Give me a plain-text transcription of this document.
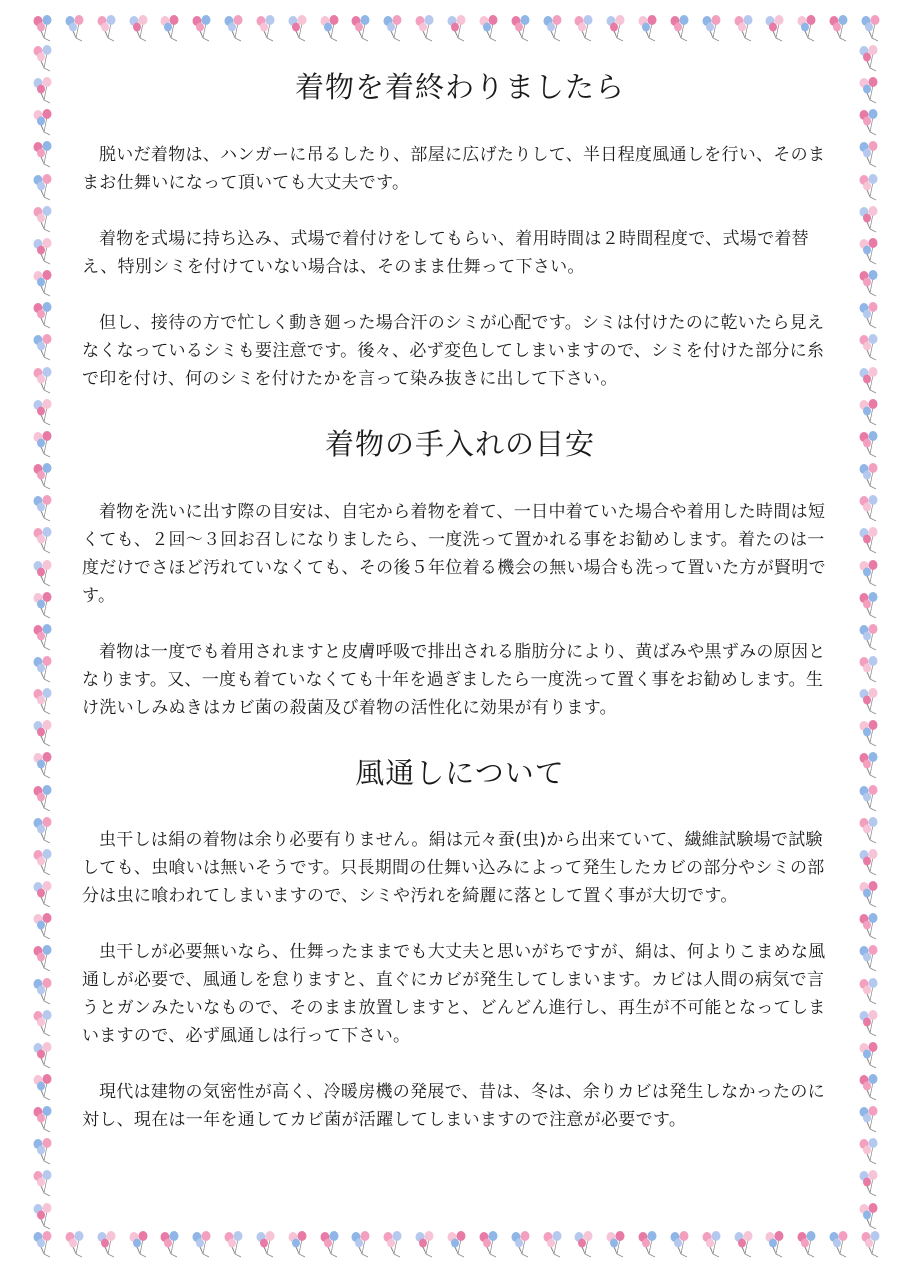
着物を着終わりましたら

脱いだ着物は、ハンガーに吊るしたり、部屋に広げたりして、半日程度風通しを行い、そのままお仕舞いになって頂いても大丈夫です。

着物を式場に持ち込み、式場で着付けをしてもらい、着用時間は２時間程度で、式場で着替え、特別シミを付けていない場合は、そのまま仕舞って下さい。

但し、接待の方で忙しく動き廻った場合汗のシミが心配です。シミは付けたのに乾いたら見えなくなっているシミも要注意です。後々、必ず変色してしまいますので、シミを付けた部分に糸で印を付け、何のシミを付けたかを言って染み抜きに出して下さい。

着物の手入れの目安

着物を洗いに出す際の目安は、自宅から着物を着て、一日中着ていた場合や着用した時間は短くても、２回〜３回お召しになりましたら、一度洗って置かれる事をお勧めします。着たのは一度だけでさほど汚れていなくても、その後５年位着る機会の無い場合も洗って置いた方が賢明です。

着物は一度でも着用されますと皮膚呼吸で排出される脂肪分により、黄ばみや黒ずみの原因となります。又、一度も着ていなくても十年を過ぎましたら一度洗って置く事をお勧めします。生け洗いしみぬきはカビ菌の殺菌及び着物の活性化に効果が有ります。

風通しについて

虫干しは絹の着物は余り必要有りません。絹は元々蚕(虫)から出来ていて、繊維試験場で試験しても、虫喰いは無いそうです。只長期間の仕舞い込みによって発生したカビの部分やシミの部分は虫に喰われてしまいますので、シミや汚れを綺麗に落として置く事が大切です。

虫干しが必要無いなら、仕舞ったままでも大丈夫と思いがちですが、絹は、何よりこまめな風通しが必要で、風通しを怠りますと、直ぐにカビが発生してしまいます。カビは人間の病気で言うとガンみたいなもので、そのまま放置しますと、どんどん進行し、再生が不可能となってしまいますので、必ず風通しは行って下さい。

現代は建物の気密性が高く、冷暖房機の発展で、昔は、冬は、余りカビは発生しなかったのに対し、現在は一年を通してカビ菌が活躍してしまいますので注意が必要です。
